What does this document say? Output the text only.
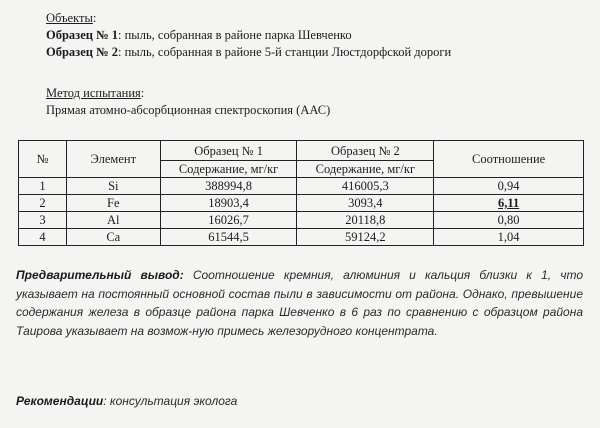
Объекты:
Образец № 1: пыль, собранная в районе парка Шевченко
Образец № 2: пыль, собранная в районе 5-й станции Люстдорфской дороги
Метод испытания:
Прямая атомно-абсорбционная спектроскопия (ААС)
№	Элемент	Образец № 1	Образец № 2	Соотношение
		Содержание, мг/кг	Содержание, мг/кг	
1	Si	388994,8	416005,3	0,94
2	Fe	18903,4	3093,4	6,11
3	Al	16026,7	20118,8	0,80
4	Ca	61544,5	59124,2	1,04

Предварительный вывод: Соотношение кремния, алюминия и кальция близки к 1, что указывает на постоянный основной состав пыли в зависимости от района. Однако, превышение содержания железа в образце района парка Шевченко в 6 раз по сравнению с образцом района Таирова указывает на возмож-ную примесь железорудного концентрата.

Рекомендации: консультация эколога
